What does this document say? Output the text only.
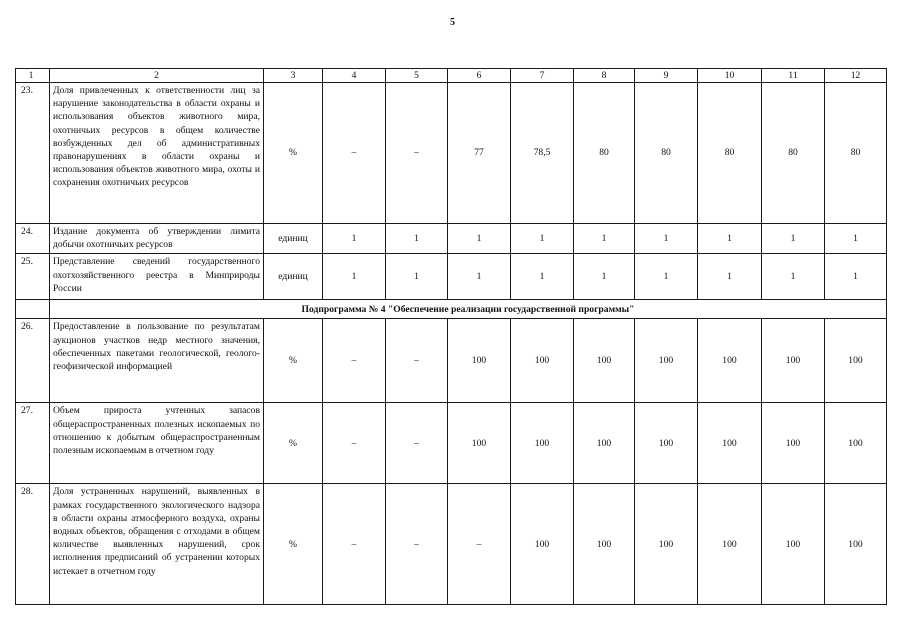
5
1	2	3	4	5	6	7	8	9	10	11	12
23.	Доля привлеченных к ответственности лиц за нарушение законодательства в области охраны и использования объектов животного мира, охотничьих ресурсов в общем количестве возбужденных дел об административных правонарушениях в области охраны и использования объектов животного мира, охоты и сохранения охотничьих ресурсов	%	–	–	77	78,5	80	80	80	80	80
24.	Издание документа об утверждении лимита добычи охотничьих ресурсов	единиц	1	1	1	1	1	1	1	1	1
25.	Представление сведений государственного охотхозяйственного реестра в Минприроды России	единиц	1	1	1	1	1	1	1	1	1
	Подпрограмма № 4 "Обеспечение реализации государственной программы"										
26.	Предоставление в пользование по результатам аукционов участков недр местного значения, обеспеченных пакетами геологической, геолого-геофизической информацией	%	–	–	100	100	100	100	100	100	100
27.	Объем прироста учтенных запасов общераспространенных полезных ископаемых по отношению к добытым общераспространенным полезным ископаемым в отчетном году	%	–	–	100	100	100	100	100	100	100
28.	Доля устраненных нарушений, выявленных в рамках государственного экологического надзора в области охраны атмосферного воздуха, охраны водных объектов, обращения с отходами в общем количестве выявленных нарушений, срок исполнения предписаний об устранении которых истекает в отчетном году	%	–	–	–	100	100	100	100	100	100
